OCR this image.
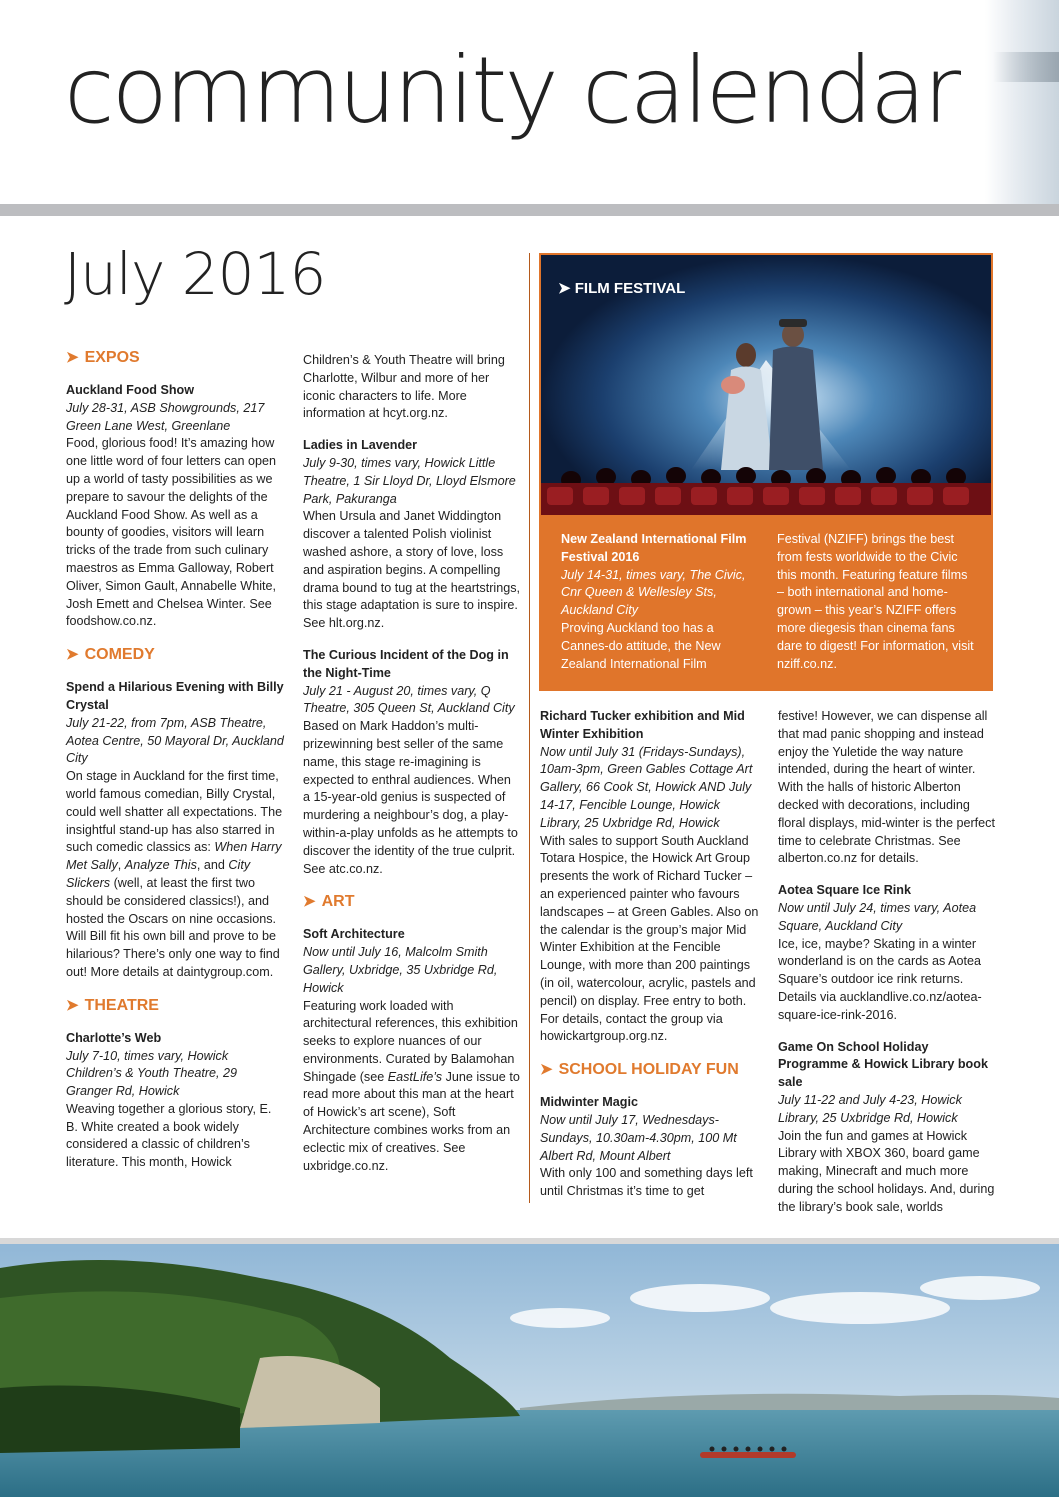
community calendar
July 2016
➤ EXPOS

Auckland Food Show

July 28-31, ASB Showgrounds, 217 Green Lane West, Greenlane

Food, glorious food! It’s amazing how one little word of four letters can open up a world of tasty possibilities as we prepare to savour the delights of the Auckland Food Show. As well as a bounty of goodies, visitors will learn tricks of the trade from such culinary maestros as Emma Galloway, Robert Oliver, Simon Gault, Annabelle White, Josh Emett and Chelsea Winter. See foodshow.co.nz.

➤ COMEDY

Spend a Hilarious Evening with Billy Crystal

July 21-22, from 7pm, ASB Theatre, Aotea Centre, 50 Mayoral Dr, Auckland City

On stage in Auckland for the first time, world famous comedian, Billy Crystal, could well shatter all expectations. The insightful stand-up has also starred in such comedic classics as: When Harry Met Sally, Analyze This, and City Slickers (well, at least the first two should be considered classics!), and hosted the Oscars on nine occasions. Will Bill fit his own bill and prove to be hilarious? There’s only one way to find out! More details at daintygroup.com.

➤ THEATRE

Charlotte’s Web

July 7-10, times vary, Howick Children’s & Youth Theatre, 29 Granger Rd, Howick

Weaving together a glorious story, E. B. White created a book widely considered a classic of children’s literature. This month, Howick

Children’s & Youth Theatre will bring Charlotte, Wilbur and more of her iconic characters to life. More information at hcyt.org.nz.

Ladies in Lavender

July 9-30, times vary, Howick Little Theatre, 1 Sir Lloyd Dr, Lloyd Elsmore Park, Pakuranga

When Ursula and Janet Widdington discover a talented Polish violinist washed ashore, a story of love, loss and aspiration begins. A compelling drama bound to tug at the heartstrings, this stage adaptation is sure to inspire. See hlt.org.nz.

The Curious Incident of the Dog in the Night-Time

July 21 - August 20, times vary, Q Theatre, 305 Queen St, Auckland City

Based on Mark Haddon’s multi-prizewinning best seller of the same name, this stage re-imagining is expected to enthral audiences. When a 15-year-old genius is suspected of murdering a neighbour’s dog, a play-within-a-play unfolds as he attempts to discover the identity of the true culprit. See atc.co.nz.

➤ ART

Soft Architecture

Now until July 16, Malcolm Smith Gallery, Uxbridge, 35 Uxbridge Rd, Howick

Featuring work loaded with architectural references, this exhibition seeks to explore nuances of our environments. Curated by Balamohan Shingade (see EastLife’s June issue to read more about this man at the heart of Howick’s art scene), Soft Architecture combines works from an eclectic mix of creatives. See uxbridge.co.nz.

➤ FILM FESTIVAL

New Zealand International Film Festival 2016

July 14-31, times vary, The Civic, Cnr Queen & Wellesley Sts, Auckland City

Proving Auckland too has a Cannes-do attitude, the New Zealand International Film

Festival (NZIFF) brings the best from fests worldwide to the Civic this month. Featuring feature films – both international and home-grown – this year’s NZIFF offers more diegesis than cinema fans dare to digest! For information, visit nziff.co.nz.

Richard Tucker exhibition and Mid Winter Exhibition

Now until July 31 (Fridays-Sundays), 10am-3pm, Green Gables Cottage Art Gallery, 66 Cook St, Howick AND July 14-17, Fencible Lounge, Howick Library, 25 Uxbridge Rd, Howick

With sales to support South Auckland Totara Hospice, the Howick Art Group presents the work of Richard Tucker – an experienced painter who favours landscapes – at Green Gables. Also on the calendar is the group’s major Mid Winter Exhibition at the Fencible Lounge, with more than 200 paintings (in oil, watercolour, acrylic, pastels and pencil) on display. Free entry to both. For details, contact the group via howickartgroup.org.nz.

➤ SCHOOL HOLIDAY FUN

Midwinter Magic

Now until July 17, Wednesdays-Sundays, 10.30am-4.30pm, 100 Mt Albert Rd, Mount Albert

With only 100 and something days left until Christmas it’s time to get

festive! However, we can dispense all that mad panic shopping and instead enjoy the Yuletide the way nature intended, during the heart of winter. With the halls of historic Alberton decked with decorations, including floral displays, mid-winter is the perfect time to celebrate Christmas. See alberton.co.nz for details.

Aotea Square Ice Rink

Now until July 24, times vary, Aotea Square, Auckland City

Ice, ice, maybe? Skating in a winter wonderland is on the cards as Aotea Square’s outdoor ice rink returns. Details via aucklandlive.co.nz/aotea-square-ice-rink-2016.

Game On School Holiday Programme & Howick Library book sale

July 11-22 and July 4-23, Howick Library, 25 Uxbridge Rd, Howick

Join the fun and games at Howick Library with XBOX 360, board game making, Minecraft and much more during the school holidays. And, during the library’s book sale, worlds
